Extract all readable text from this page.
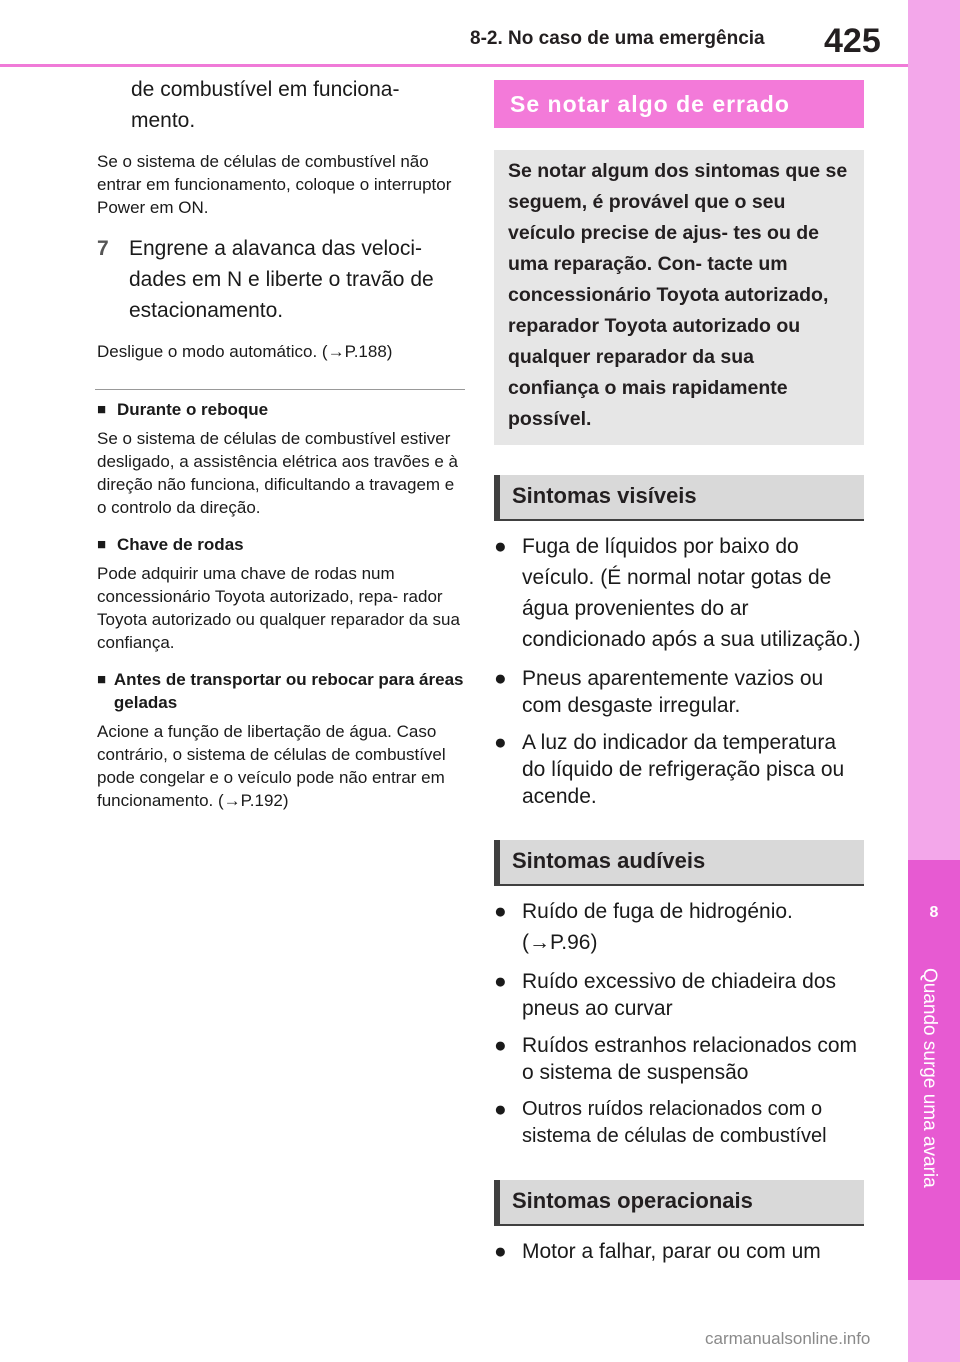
8-2. No caso de uma emergência 425
8
Quando surge uma avaria

de combustível em funciona- mento.

Se o sistema de células de combustível não entrar em funcionamento, coloque o interruptor Power em ON.

7 Engrene a alavanca das veloci- dades em N e liberte o travão de estacionamento.

Desligue o modo automático. (→P.188)

■ Durante o reboque

Se o sistema de células de combustível estiver desligado, a assistência elétrica aos travões e à direção não funciona, dificultando a travagem e o controlo da direção.

■ Chave de rodas

Pode adquirir uma chave de rodas num concessionário Toyota autorizado, repa- rador Toyota autorizado ou qualquer reparador da sua confiança.

■ Antes de transportar ou rebocar para áreas geladas

Acione a função de libertação de água. Caso contrário, o sistema de células de combustível pode congelar e o veículo pode não entrar em funcionamento. (→P.192)

Se notar algo de errado
Se notar algum dos sintomas que se seguem, é provável que o seu veículo precise de ajus- tes ou de uma reparação. Con- tacte um concessionário Toyota autorizado, reparador Toyota autorizado ou qualquer reparador da sua confiança o mais rapidamente possível.
Sintomas visíveis
● Fuga de líquidos por baixo do veículo. (É normal notar gotas de água provenientes do ar condicionado após a sua utilização.)
● Pneus aparentemente vazios ou com desgaste irregular.
● A luz do indicador da temperatura do líquido de refrigeração pisca ou acende.
Sintomas audíveis
● Ruído de fuga de hidrogénio. (→P.96)
● Ruído excessivo de chiadeira dos pneus ao curvar
● Ruídos estranhos relacionados com o sistema de suspensão
● Outros ruídos relacionados com o sistema de células de combustível
Sintomas operacionais
● Motor a falhar, parar ou com um
carmanualsonline.info
